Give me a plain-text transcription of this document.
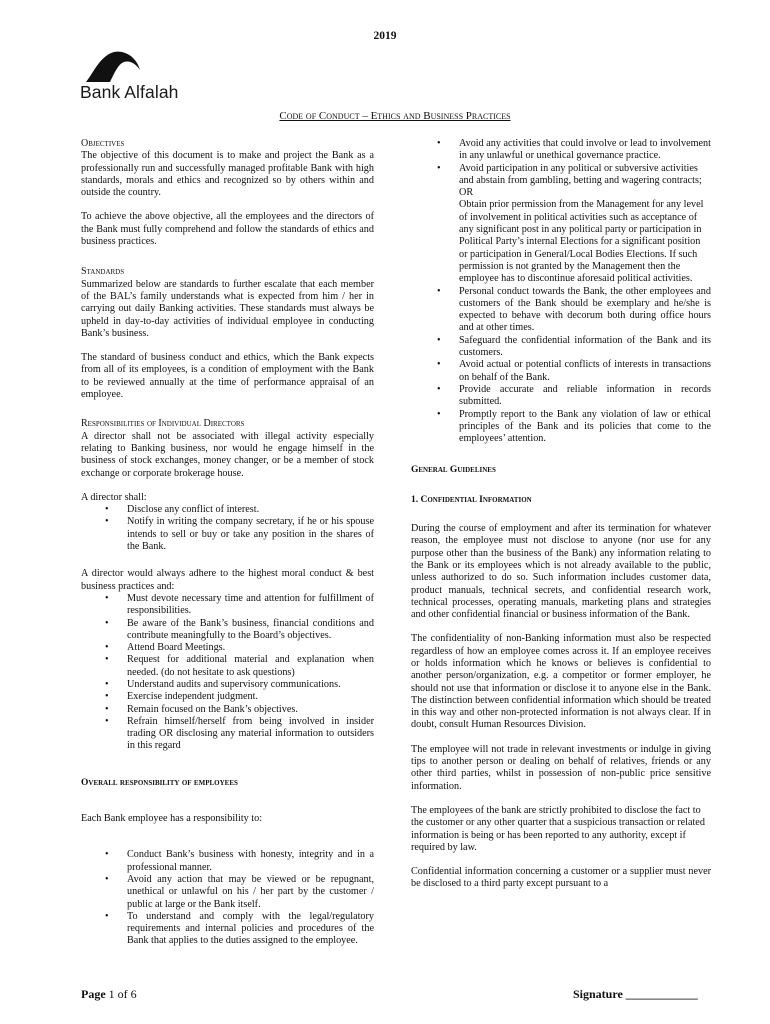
2019
Bank Alfalah
Code of Conduct – Ethics and Business Practices
Objectives

The objective of this document is to make and project the Bank as a professionally run and successfully managed profitable Bank with high standards, morals and ethics and recognized so by others within and outside the country.

To achieve the above objective, all the employees and the directors of the Bank must fully comprehend and follow the standards of ethics and business practices.

Standards

Summarized below are standards to further escalate that each member of the BAL’s family understands what is expected from him / her in carrying out daily Banking activities. These standards must always be upheld in day-to-day activities of individual employee in conducting Bank’s business.

The standard of business conduct and ethics, which the Bank expects from all of its employees, is a condition of employment with the Bank to be reviewed annually at the time of performance appraisal of an employee.

Responsibilities of Individual Directors

A director shall not be associated with illegal activity especially relating to Banking business, nor would he engage himself in the business of stock exchanges, money changer, or be a member of stock exchange or corporate brokerage house.

A director shall:

• Disclose any conflict of interest.
• Notify in writing the company secretary, if he or his spouse intends to sell or buy or take any position in the shares of the Bank.

A director would always adhere to the highest moral conduct & best business practices and:

• Must devote necessary time and attention for fulfillment of responsibilities.
• Be aware of the Bank’s business, financial conditions and contribute meaningfully to the Board’s objectives.
• Attend Board Meetings.
• Request for additional material and explanation when needed. (do not hesitate to ask questions)
• Understand audits and supervisory communications.
• Exercise independent judgment.
• Remain focused on the Bank’s objectives.
• Refrain himself/herself from being involved in insider trading OR disclosing any material information to outsiders in this regard
Overall responsibility of employees

Each Bank employee has a responsibility to:

• Conduct Bank’s business with honesty, integrity and in a professional manner.
• Avoid any action that may be viewed or be repugnant, unethical or unlawful on his / her part by the customer / public at large or the Bank itself.
• To understand and comply with the legal/regulatory requirements and internal policies and procedures of the Bank that applies to the duties assigned to the employee.
• Avoid any activities that could involve or lead to involvement in any unlawful or unethical governance practice.
• Avoid participation in any political or subversive activities and abstain from gambling, betting and wagering contracts; OR
Obtain prior permission from the Management for any level of involvement in political activities such as acceptance of any significant post in any political party or participation in Political Party’s internal Elections for a significant position or participation in General/Local Bodies Elections. If such permission is not granted by the Management then the employee has to discontinue aforesaid political activities.
• Personal conduct towards the Bank, the other employees and customers of the Bank should be exemplary and he/she is expected to behave with decorum both during office hours and at other times.
• Safeguard the confidential information of the Bank and its customers.
• Avoid actual or potential conflicts of interests in transactions on behalf of the Bank.
• Provide accurate and reliable information in records submitted.
• Promptly report to the Bank any violation of law or ethical principles of the Bank and its policies that come to the employees’ attention.
General Guidelines
1. Confidential Information

During the course of employment and after its termination for whatever reason, the employee must not disclose to anyone (nor use for any purpose other than the business of the Bank) any information relating to the Bank or its employees which is not already available to the public, unless authorized to do so. Such information includes customer data, product manuals, technical secrets, and confidential research work, technical processes, operating manuals, marketing plans and strategies and other confidential financial or business information of the Bank.

The confidentiality of non-Banking information must also be respected regardless of how an employee comes across it. If an employee receives or holds information which he knows or believes is confidential to another person/organization, e.g. a competitor or former employer, he should not use that information or disclose it to anyone else in the Bank. The distinction between confidential information which should be treated in this way and other non-protected information is not always clear. If in doubt, consult Human Resources Division.

The employee will not trade in relevant investments or indulge in giving tips to another person or dealing on behalf of relatives, friends or any other third parties, whilst in possession of non-public price sensitive information.

The employees of the bank are strictly prohibited to disclose the fact to the customer or any other quarter that a suspicious transaction or related information is being or has been reported to any authority, except if required by law.

Confidential information concerning a customer or a supplier must never be disclosed to a third party except pursuant to a

Page 1 of 6	Signature ____________
